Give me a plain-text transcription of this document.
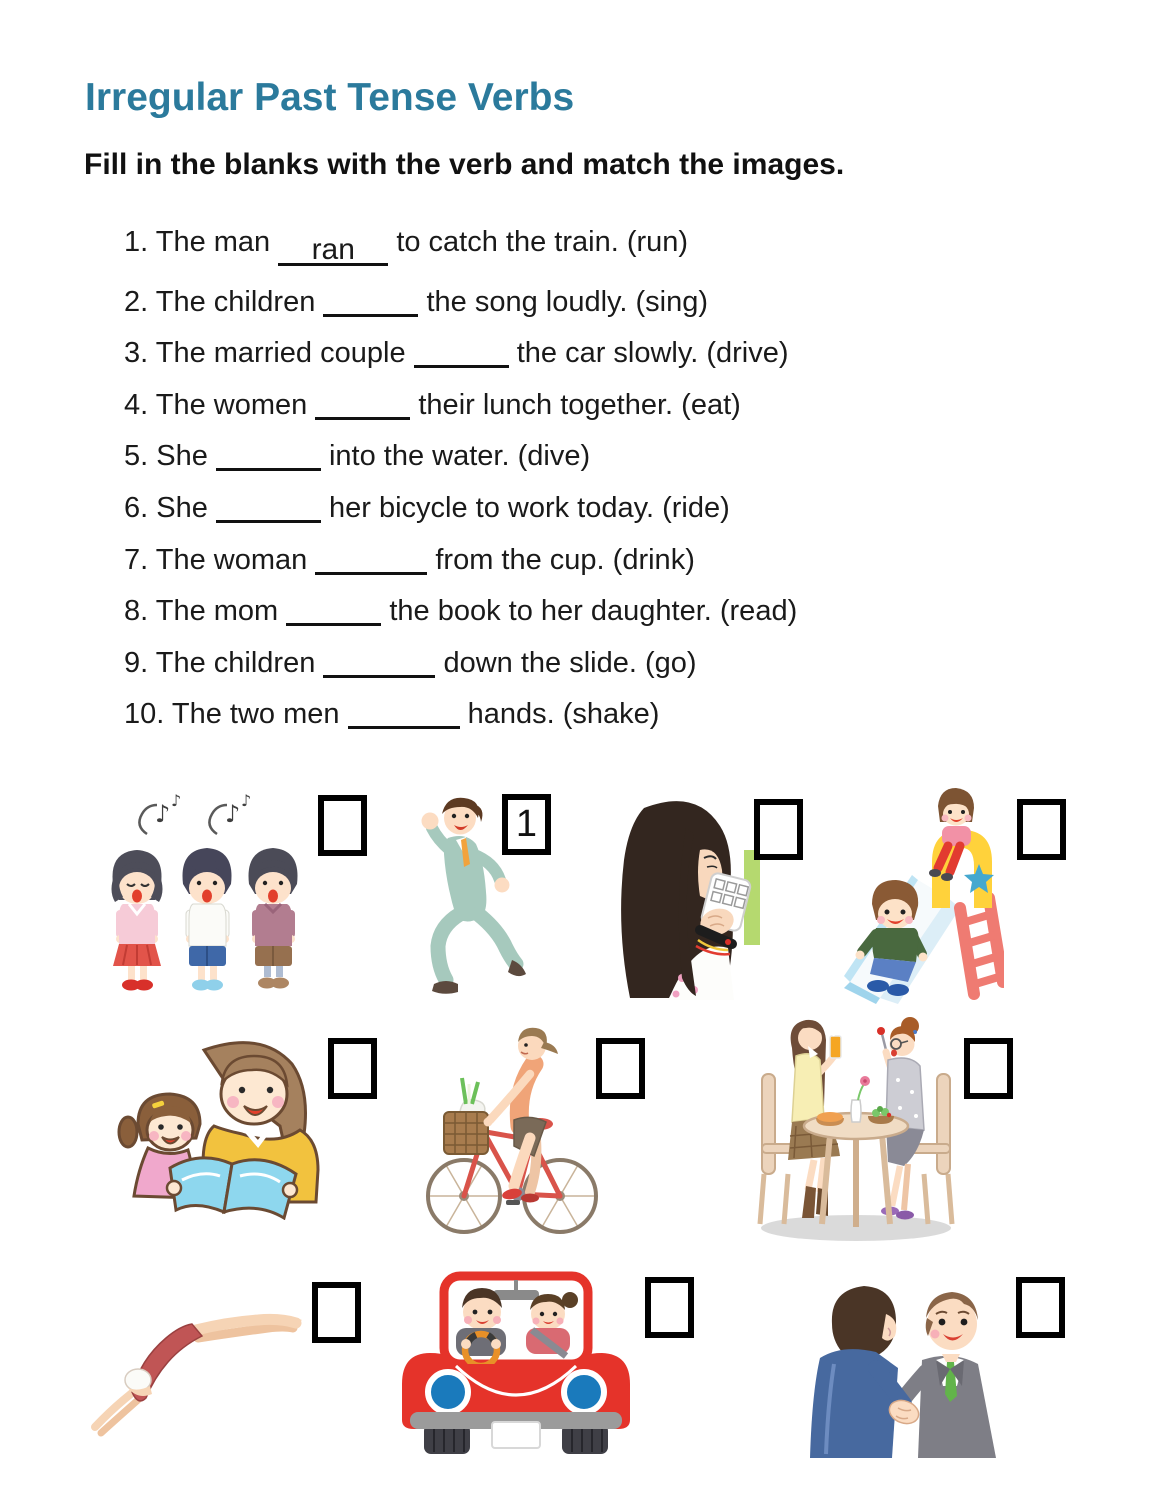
Irregular Past Tense Verbs

Fill in the blanks with the verb and match the images.

1. The man ran to catch the train. (run)
2. The children	the song loudly. (sing)
3. The married couple	the car slowly. (drive)
4. The women	their lunch together. (eat)
5. She	into the water. (dive)
6. She	her bicycle to work today. (ride)
7. The woman	from the cup. (drink)
8. The mom	the book to her daughter. (read)
9. The children	down the slide. (go)
10. The two men	hands. (shake)
♪ ♪ ♪ ♪
1
